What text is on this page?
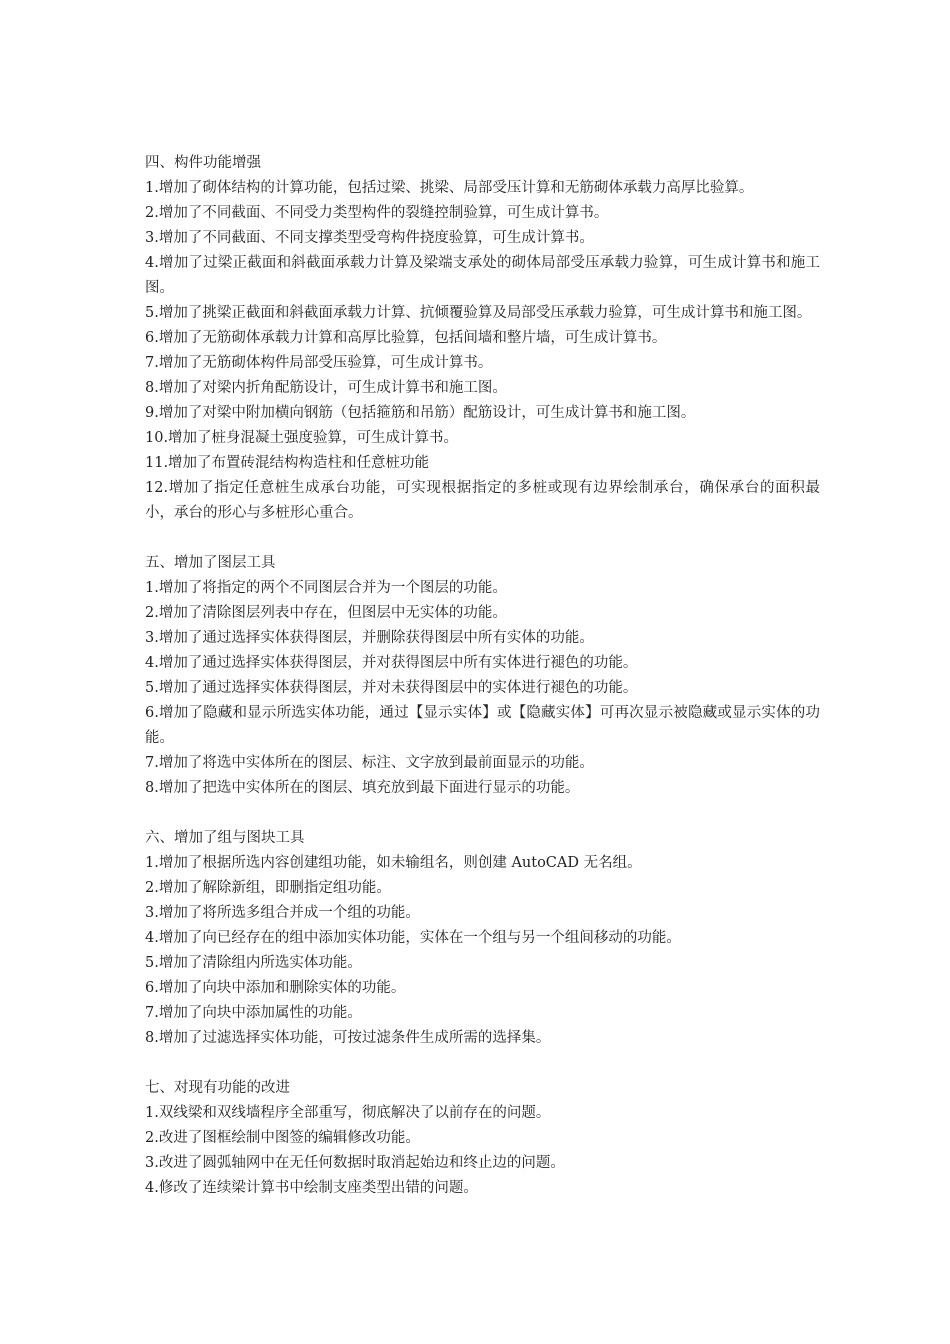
四、构件功能增强
1.增加了砌体结构的计算功能，包括过梁、挑梁、局部受压计算和无筋砌体承载力高厚比验算。
2.增加了不同截面、不同受力类型构件的裂缝控制验算，可生成计算书。
3.增加了不同截面、不同支撑类型受弯构件挠度验算，可生成计算书。
4.增加了过梁正截面和斜截面承载力计算及梁端支承处的砌体局部受压承载力验算，可生成计算书和施工图。
5.增加了挑梁正截面和斜截面承载力计算、抗倾覆验算及局部受压承载力验算，可生成计算书和施工图。
6.增加了无筋砌体承载力计算和高厚比验算，包括间墙和整片墙，可生成计算书。
7.增加了无筋砌体构件局部受压验算，可生成计算书。
8.增加了对梁内折角配筋设计，可生成计算书和施工图。
9.增加了对梁中附加横向钢筋（包括箍筋和吊筋）配筋设计，可生成计算书和施工图。
10.增加了桩身混凝土强度验算，可生成计算书。
11.增加了布置砖混结构构造柱和任意桩功能
12.增加了指定任意桩生成承台功能，可实现根据指定的多桩或现有边界绘制承台，确保承台的面积最小，承台的形心与多桩形心重合。
五、增加了图层工具
1.增加了将指定的两个不同图层合并为一个图层的功能。
2.增加了清除图层列表中存在，但图层中无实体的功能。
3.增加了通过选择实体获得图层，并删除获得图层中所有实体的功能。
4.增加了通过选择实体获得图层，并对获得图层中所有实体进行褪色的功能。
5.增加了通过选择实体获得图层，并对未获得图层中的实体进行褪色的功能。
6.增加了隐藏和显示所选实体功能，通过【显示实体】或【隐藏实体】可再次显示被隐藏或显示实体的功能。
7.增加了将选中实体所在的图层、标注、文字放到最前面显示的功能。
8.增加了把选中实体所在的图层、填充放到最下面进行显示的功能。
六、增加了组与图块工具
1.增加了根据所选内容创建组功能，如未输组名，则创建 AutoCAD 无名组。
2.增加了解除新组，即删指定组功能。
3.增加了将所选多组合并成一个组的功能。
4.增加了向已经存在的组中添加实体功能，实体在一个组与另一个组间移动的功能。
5.增加了清除组内所选实体功能。
6.增加了向块中添加和删除实体的功能。
7.增加了向块中添加属性的功能。
8.增加了过滤选择实体功能，可按过滤条件生成所需的选择集。
七、对现有功能的改进
1.双线梁和双线墙程序全部重写，彻底解决了以前存在的问题。
2.改进了图框绘制中图签的编辑修改功能。
3.改进了圆弧轴网中在无任何数据时取消起始边和终止边的问题。
4.修改了连续梁计算书中绘制支座类型出错的问题。
